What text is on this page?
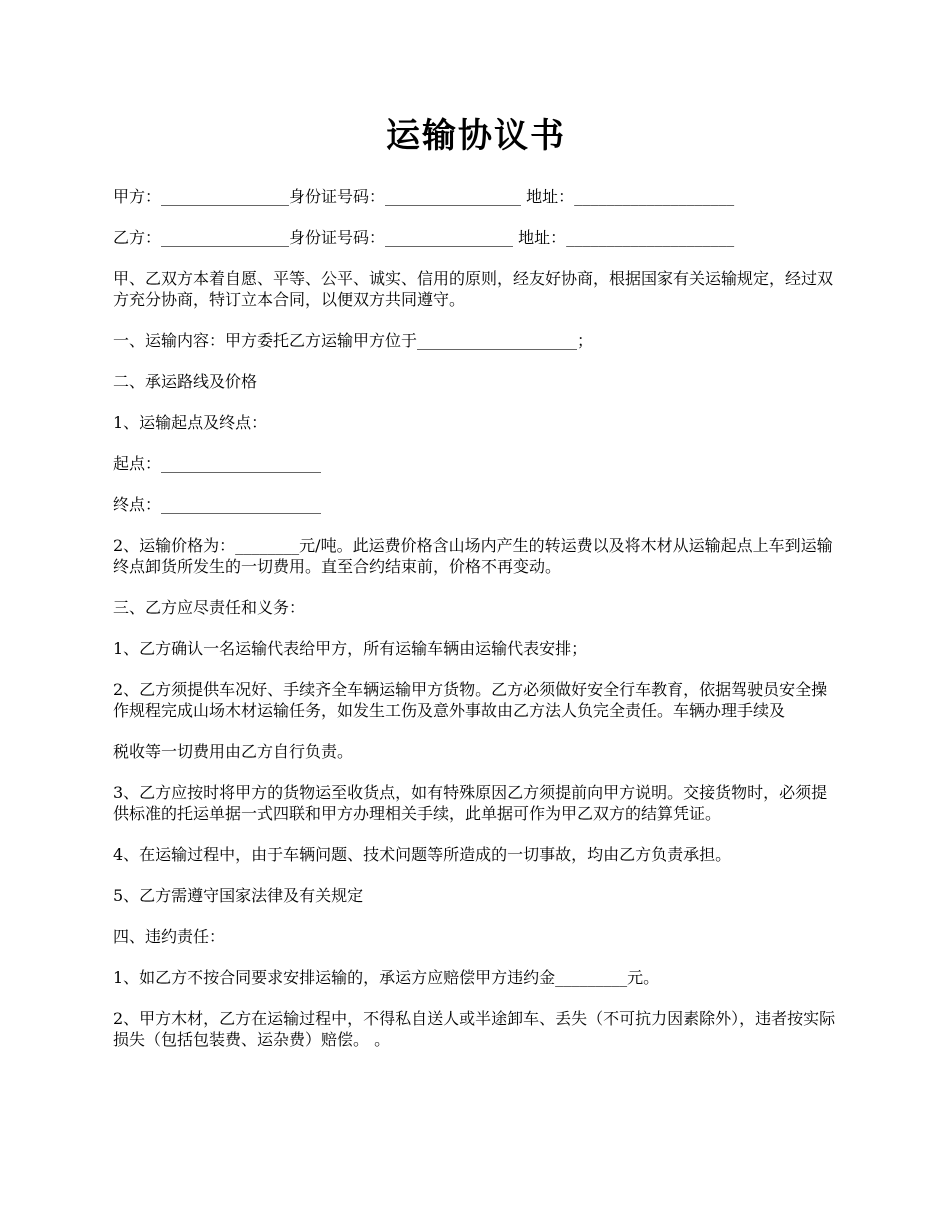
运输协议书

甲方：________________身份证号码：_________________ 地址：____________________

乙方：________________身份证号码：________________ 地址：_____________________

甲、乙双方本着自愿、平等、公平、诚实、信用的原则，经友好协商，根据国家有关运输规定，经过双方充分协商，特订立本合同，以便双方共同遵守。

一、运输内容：甲方委托乙方运输甲方位于____________________；

二、承运路线及价格

1、运输起点及终点：

起点：____________________

终点：____________________

2、运输价格为：________元/吨。此运费价格含山场内产生的转运费以及将木材从运输起点上车到运输终点卸货所发生的一切费用。直至合约结束前，价格不再变动。

三、乙方应尽责任和义务：

1、乙方确认一名运输代表给甲方，所有运输车辆由运输代表安排；

2、乙方须提供车况好、手续齐全车辆运输甲方货物。乙方必须做好安全行车教育，依据驾驶员安全操作规程完成山场木材运输任务，如发生工伤及意外事故由乙方法人负完全责任。车辆办理手续及

税收等一切费用由乙方自行负责。

3、乙方应按时将甲方的货物运至收货点，如有特殊原因乙方须提前向甲方说明。交接货物时，必须提供标准的托运单据一式四联和甲方办理相关手续，此单据可作为甲乙双方的结算凭证。

4、在运输过程中，由于车辆问题、技术问题等所造成的一切事故，均由乙方负责承担。

5、乙方需遵守国家法律及有关规定

四、违约责任：

1、如乙方不按合同要求安排运输的，承运方应赔偿甲方违约金_________元。

2、甲方木材，乙方在运输过程中，不得私自送人或半途卸车、丢失（不可抗力因素除外），违者按实际损失（包括包装费、运杂费）赔偿。 。
